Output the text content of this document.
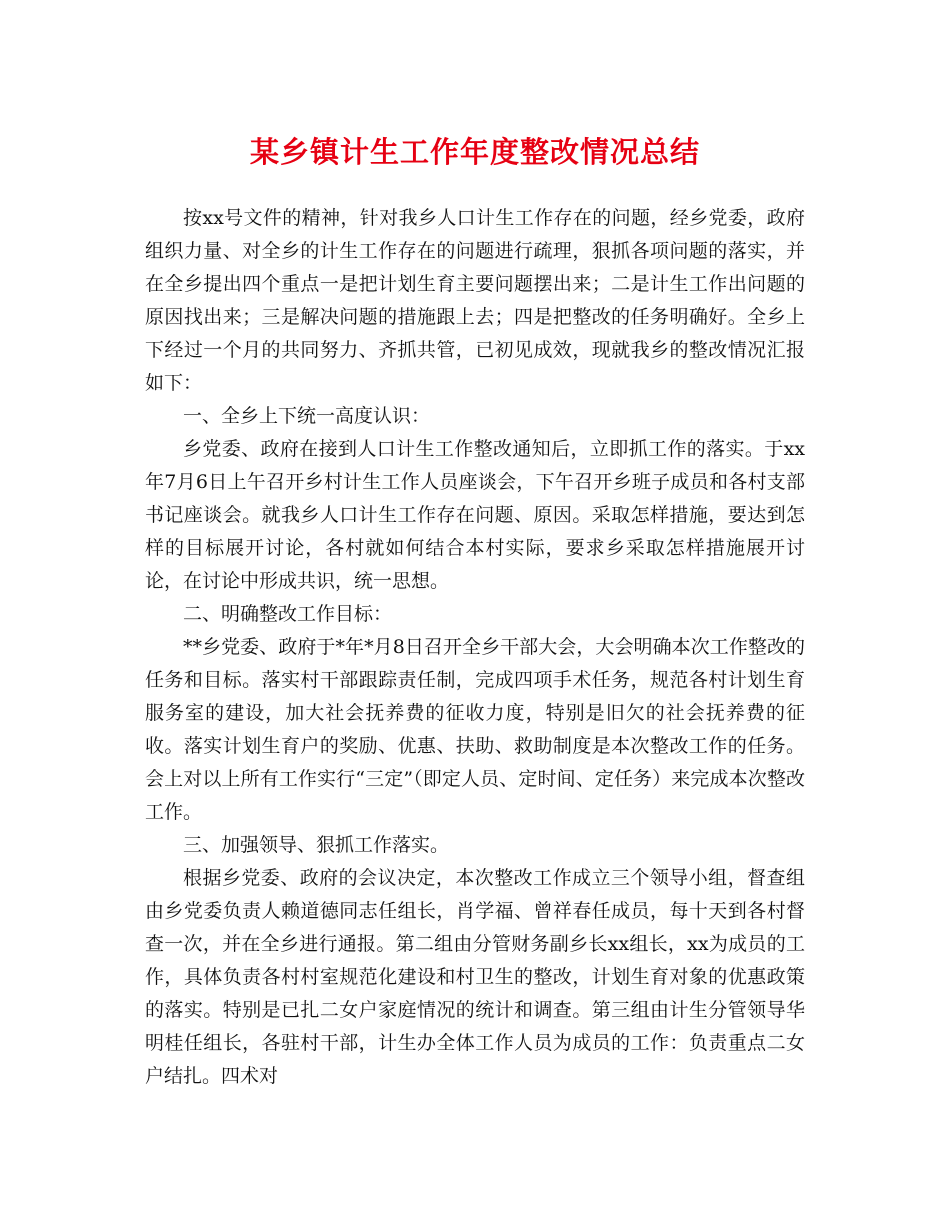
某乡镇计生工作年度整改情况总结

按xx号文件的精神，针对我乡人口计生工作存在的问题，经乡党委，政府组织力量、对全乡的计生工作存在的问题进行疏理，狠抓各项问题的落实，并在全乡提出四个重点一是把计划生育主要问题摆出来；二是计生工作出问题的原因找出来；三是解决问题的措施跟上去；四是把整改的任务明确好。全乡上下经过一个月的共同努力、齐抓共管，已初见成效，现就我乡的整改情况汇报如下：

一、全乡上下统一高度认识：

乡党委、政府在接到人口计生工作整改通知后，立即抓工作的落实。于xx年7月6日上午召开乡村计生工作人员座谈会，下午召开乡班子成员和各村支部书记座谈会。就我乡人口计生工作存在问题、原因。采取怎样措施，要达到怎样的目标展开讨论，各村就如何结合本村实际，要求乡采取怎样措施展开讨论，在讨论中形成共识，统一思想。

二、明确整改工作目标：

**乡党委、政府于*年*月8日召开全乡干部大会，大会明确本次工作整改的任务和目标。落实村干部跟踪责任制，完成四项手术任务，规范各村计划生育服务室的建设，加大社会抚养费的征收力度，特别是旧欠的社会抚养费的征收。落实计划生育户的奖励、优惠、扶助、救助制度是本次整改工作的任务。会上对以上所有工作实行“三定”（即定人员、定时间、定任务）来完成本次整改工作。

三、加强领导、狠抓工作落实。

根据乡党委、政府的会议决定，本次整改工作成立三个领导小组，督查组由乡党委负责人赖道德同志任组长，肖学福、曾祥春任成员，每十天到各村督查一次，并在全乡进行通报。第二组由分管财务副乡长xx组长，xx为成员的工作，具体负责各村村室规范化建设和村卫生的整改，计划生育对象的优惠政策的落实。特别是已扎二女户家庭情况的统计和调查。第三组由计生分管领导华明桂任组长，各驻村干部，计生办全体工作人员为成员的工作：负责重点二女户结扎。四术对
